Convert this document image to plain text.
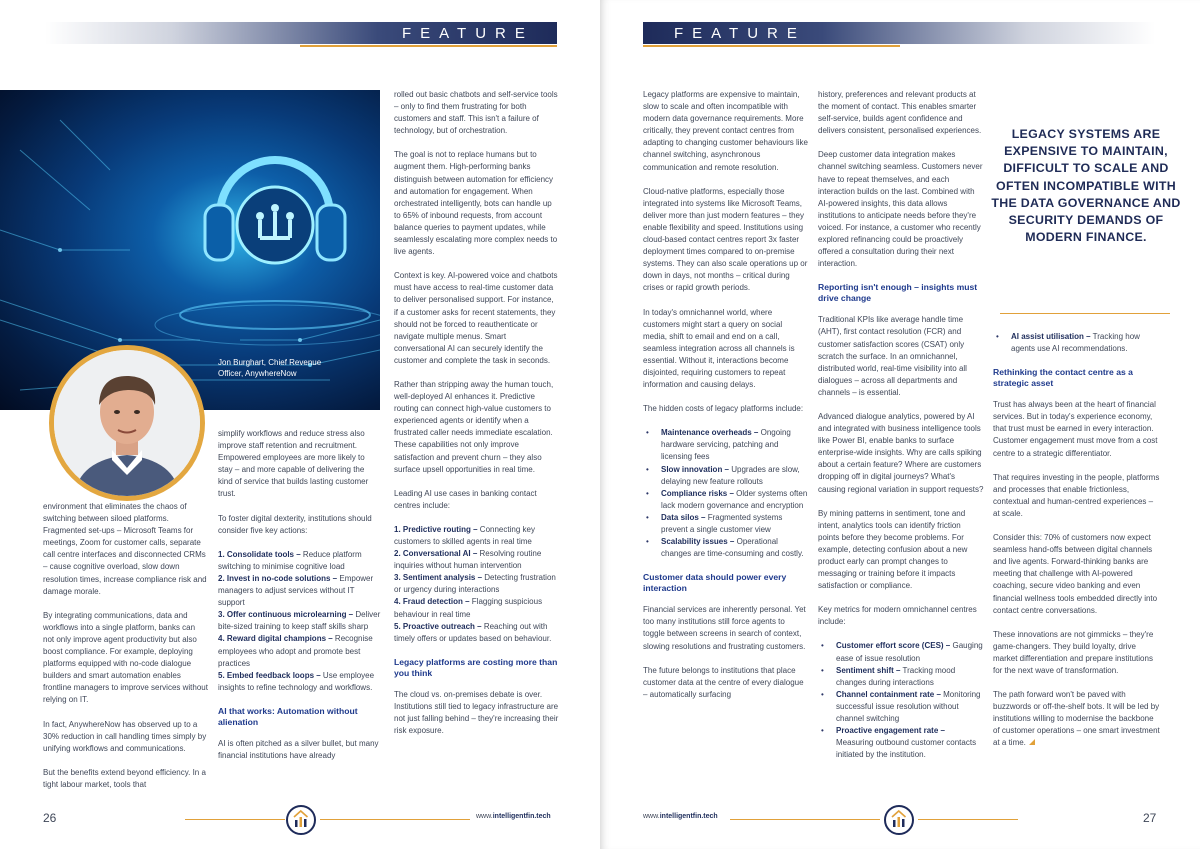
FEATURE
Jon Burghart, Chief Revenue
Officer, AnywhereNow

environment that eliminates the chaos of switching between siloed platforms. Fragmented set-ups – Microsoft Teams for meetings, Zoom for customer calls, separate call centre interfaces and disconnected CRMs – cause cognitive overload, slow down resolution times, increase compliance risk and damage morale.

By integrating communications, data and workflows into a single platform, banks can not only improve agent productivity but also boost compliance. For example, deploying platforms equipped with no-code dialogue builders and smart automation enables frontline managers to improve services without relying on IT.

In fact, AnywhereNow has observed up to a 30% reduction in call handling times simply by unifying workflows and communications.

But the benefits extend beyond efficiency. In a tight labour market, tools that

simplify workflows and reduce stress also improve staff retention and recruitment. Empowered employees are more likely to stay – and more capable of delivering the kind of service that builds lasting customer trust.

To foster digital dexterity, institutions should consider five key actions:

1. Consolidate tools – Reduce platform switching to minimise cognitive load
2. Invest in no-code solutions – Empower managers to adjust services without IT support
3. Offer continuous microlearning – Deliver bite-sized training to keep staff skills sharp
4. Reward digital champions – Recognise employees who adopt and promote best practices
5. Embed feedback loops – Use employee insights to refine technology and workflows.
AI that works: Automation without alienation

AI is often pitched as a silver bullet, but many financial institutions have already

rolled out basic chatbots and self-service tools – only to find them frustrating for both customers and staff. This isn't a failure of technology, but of orchestration.

The goal is not to replace humans but to augment them. High-performing banks distinguish between automation for efficiency and automation for engagement. When orchestrated intelligently, bots can handle up to 65% of inbound requests, from account balance queries to payment updates, while seamlessly escalating more complex needs to live agents.

Context is key. AI-powered voice and chatbots must have access to real-time customer data to deliver personalised support. For instance, if a customer asks for recent statements, they should not be forced to reauthenticate or navigate multiple menus. Smart conversational AI can securely identify the customer and complete the task in seconds.

Rather than stripping away the human touch, well-deployed AI enhances it. Predictive routing can connect high-value customers to experienced agents or identify when a frustrated caller needs immediate escalation. These capabilities not only improve satisfaction and prevent churn – they also surface upsell opportunities in real time.

Leading AI use cases in banking contact centres include:

1. Predictive routing – Connecting key customers to skilled agents in real time
2. Conversational AI – Resolving routine inquiries without human intervention
3. Sentiment analysis – Detecting frustration or urgency during interactions
4. Fraud detection – Flagging suspicious behaviour in real time
5. Proactive outreach – Reaching out with timely offers or updates based on behaviour.
Legacy platforms are costing more than you think

The cloud vs. on-premises debate is over. Institutions still tied to legacy infrastructure are not just falling behind – they're increasing their risk exposure.

26	www.intelligentfin.tech
FEATURE

Legacy platforms are expensive to maintain, slow to scale and often incompatible with modern data governance requirements. More critically, they prevent contact centres from adapting to changing customer behaviours like channel switching, asynchronous communication and remote resolution.

Cloud-native platforms, especially those integrated into systems like Microsoft Teams, deliver more than just modern features – they enable flexibility and speed. Institutions using cloud-based contact centres report 3x faster deployment times compared to on-premise systems. They can also scale operations up or down in days, not months – critical during crises or rapid growth periods.

In today's omnichannel world, where customers might start a query on social media, shift to email and end on a call, seamless integration across all channels is essential. Without it, interactions become disjointed, requiring customers to repeat information and causing delays.

The hidden costs of legacy platforms include:

• Maintenance overheads – Ongoing hardware servicing, patching and licensing fees
• Slow innovation – Upgrades are slow, delaying new feature rollouts
• Compliance risks – Older systems often lack modern governance and encryption
• Data silos – Fragmented systems prevent a single customer view
• Scalability issues – Operational changes are time-consuming and costly.
Customer data should power every interaction

Financial services are inherently personal. Yet too many institutions still force agents to toggle between screens in search of context, slowing resolutions and frustrating customers.

The future belongs to institutions that place customer data at the centre of every dialogue – automatically surfacing

history, preferences and relevant products at the moment of contact. This enables smarter self-service, builds agent confidence and delivers consistent, personalised experiences.

Deep customer data integration makes channel switching seamless. Customers never have to repeat themselves, and each interaction builds on the last. Combined with AI-powered insights, this data allows institutions to anticipate needs before they're voiced. For instance, a customer who recently explored refinancing could be proactively offered a consultation during their next interaction.

Reporting isn't enough – insights must drive change

Traditional KPIs like average handle time (AHT), first contact resolution (FCR) and customer satisfaction scores (CSAT) only scratch the surface. In an omnichannel, distributed world, real-time visibility into all dialogues – across all departments and channels – is essential.

Advanced dialogue analytics, powered by AI and integrated with business intelligence tools like Power BI, enable banks to surface enterprise-wide insights. Why are calls spiking about a certain feature? Where are customers dropping off in digital journeys? What's causing regional variation in support requests?

By mining patterns in sentiment, tone and intent, analytics tools can identify friction points before they become problems. For example, detecting confusion about a new product early can prompt changes to messaging or training before it impacts satisfaction or compliance.

Key metrics for modern omnichannel centres include:

• Customer effort score (CES) – Gauging ease of issue resolution
• Sentiment shift – Tracking mood changes during interactions
• Channel containment rate – Monitoring successful issue resolution without channel switching
• Proactive engagement rate – Measuring outbound customer contacts initiated by the institution.
LEGACY SYSTEMS ARE EXPENSIVE TO MAINTAIN, DIFFICULT TO SCALE AND OFTEN INCOMPATIBLE WITH THE DATA GOVERNANCE AND SECURITY DEMANDS OF MODERN FINANCE.
• AI assist utilisation – Tracking how agents use AI recommendations.
Rethinking the contact centre as a strategic asset

Trust has always been at the heart of financial services. But in today's experience economy, that trust must be earned in every interaction. Customer engagement must move from a cost centre to a strategic differentiator.

That requires investing in the people, platforms and processes that enable frictionless, contextual and human-centred experiences – at scale.

Consider this: 70% of customers now expect seamless hand-offs between digital channels and live agents. Forward-thinking banks are meeting that challenge with AI-powered coaching, secure video banking and even financial wellness tools embedded directly into contact centre conversations.

These innovations are not gimmicks – they're game-changers. They build loyalty, drive market differentiation and prepare institutions for the next wave of transformation.

The path forward won't be paved with buzzwords or off-the-shelf bots. It will be led by institutions willing to modernise the backbone of customer operations – one smart investment at a time.

www.intelligentfin.tech	27
